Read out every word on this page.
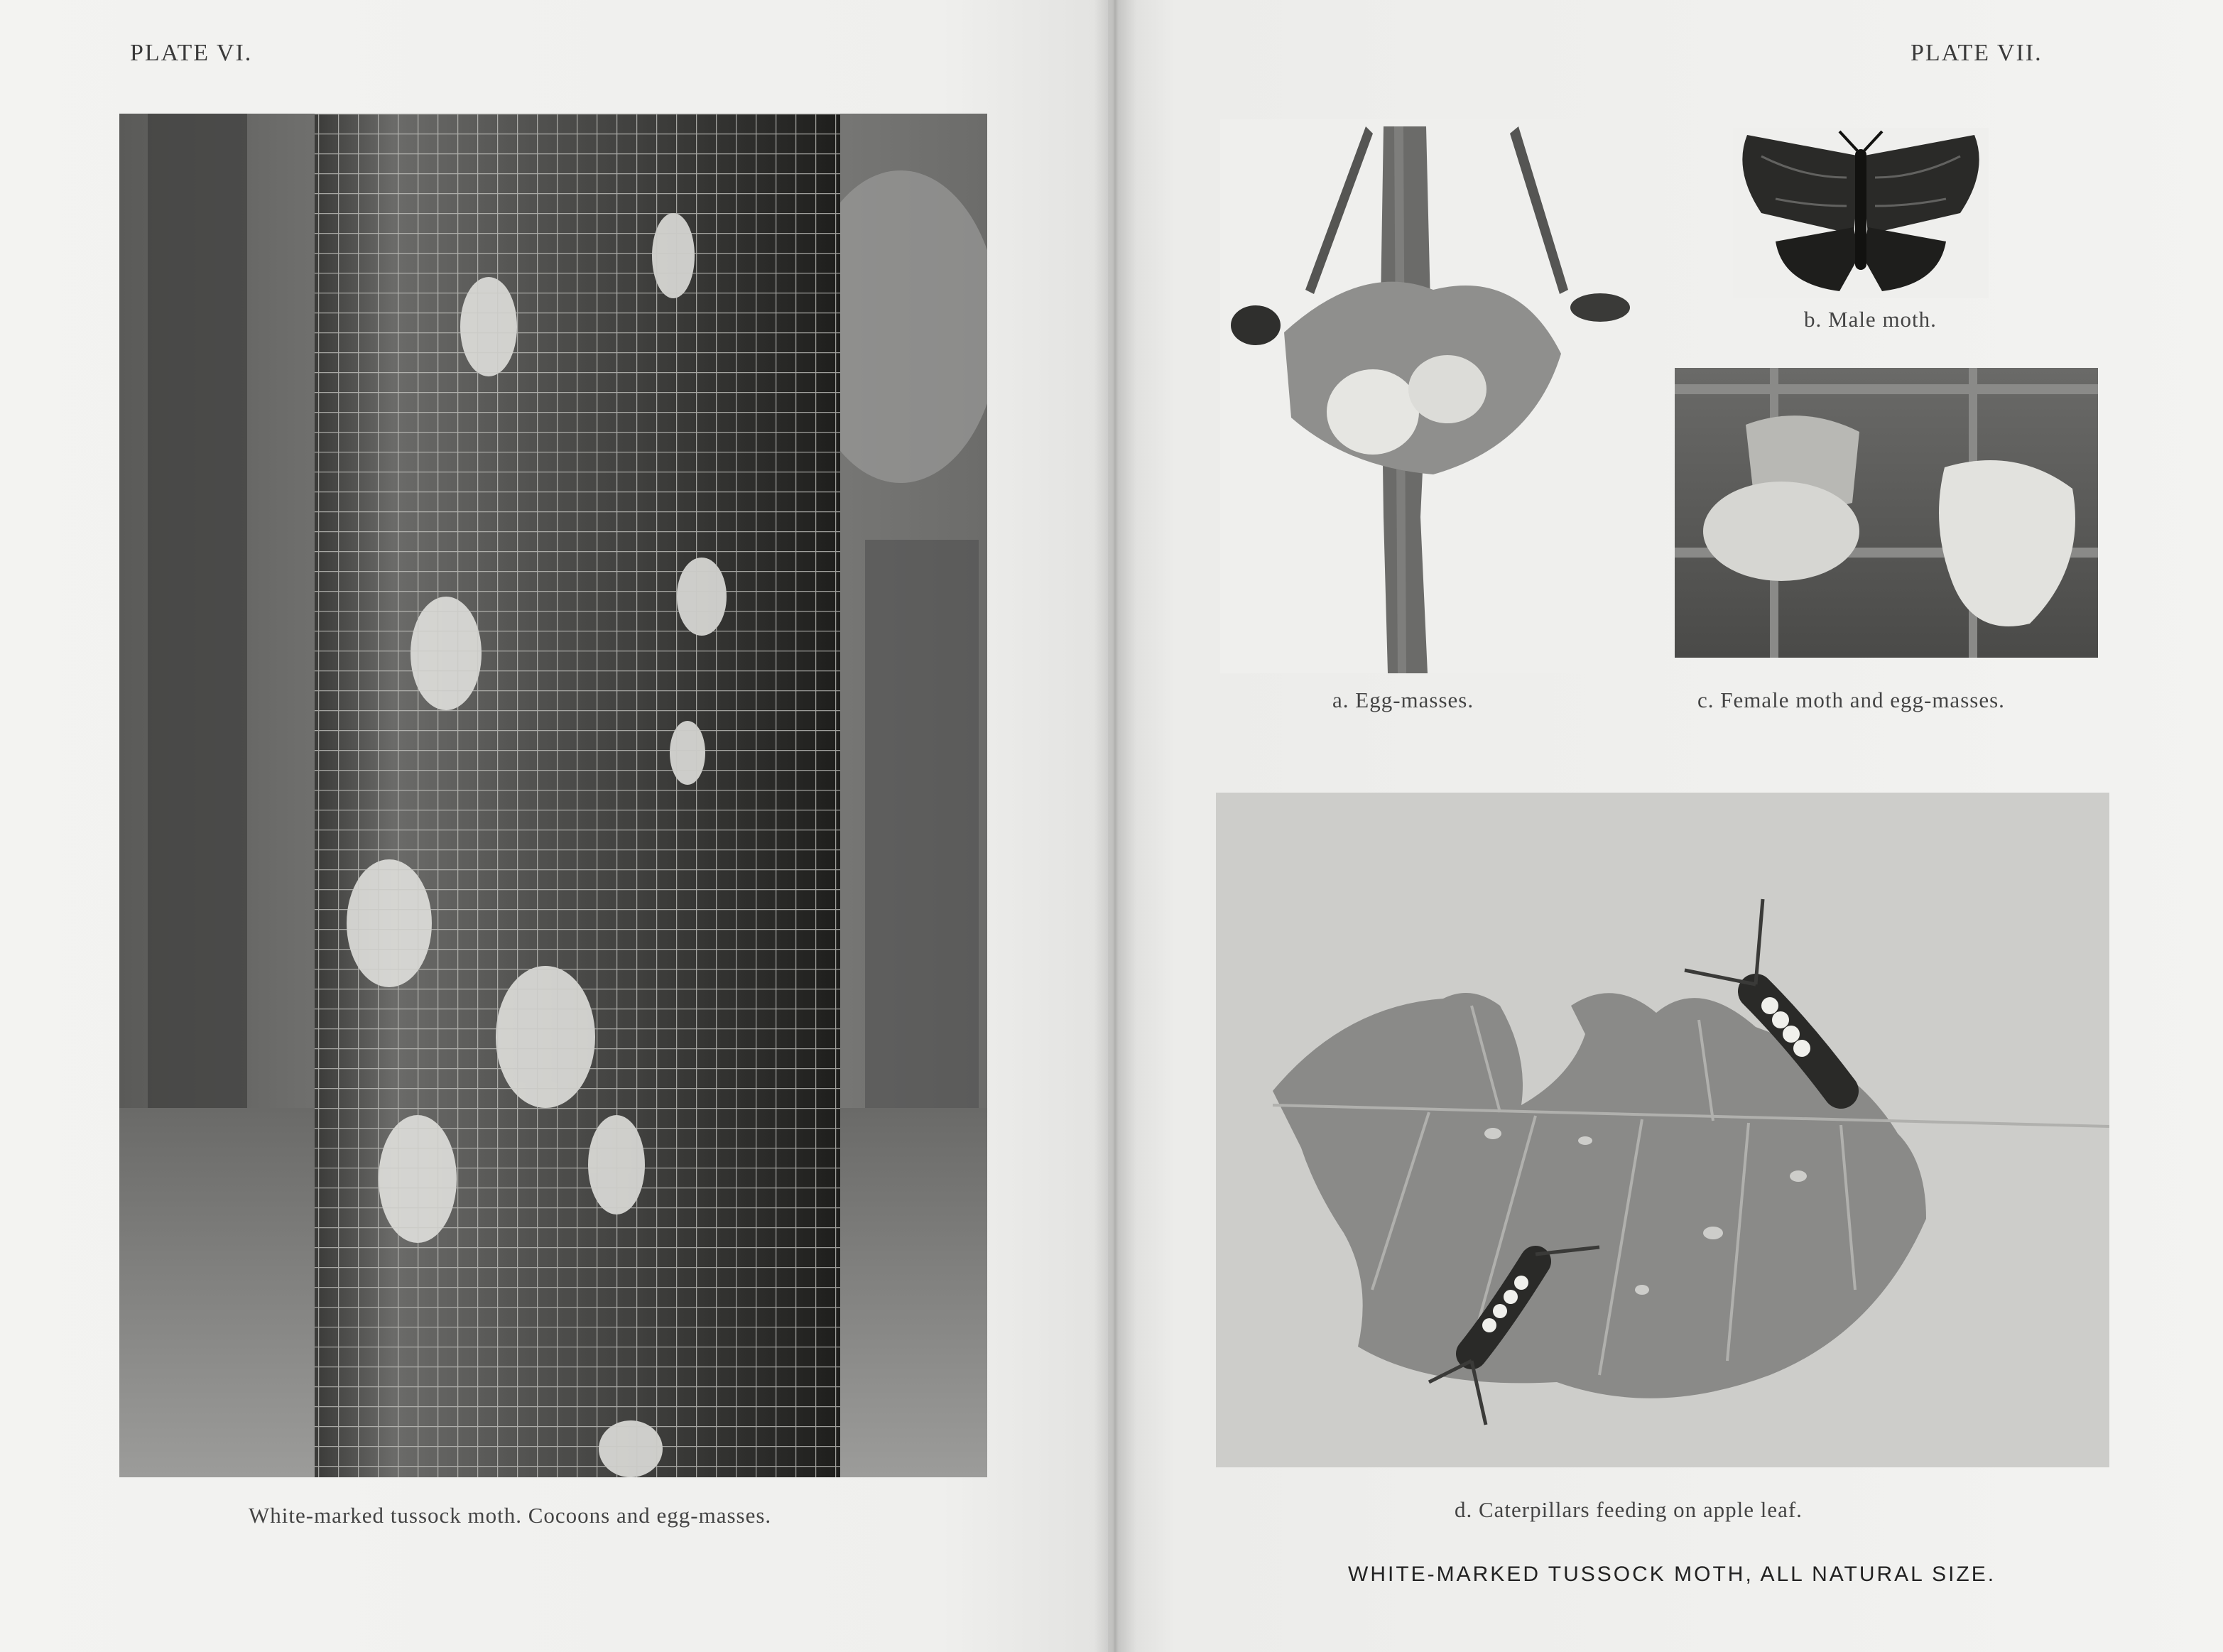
PLATE VI.
White-marked tussock moth. Cocoons and egg-masses.
PLATE VII.
b. Male moth.
a. Egg-masses.	c. Female moth and egg-masses.
d. Caterpillars feeding on apple leaf.
WHITE-MARKED TUSSOCK MOTH, ALL NATURAL SIZE.
